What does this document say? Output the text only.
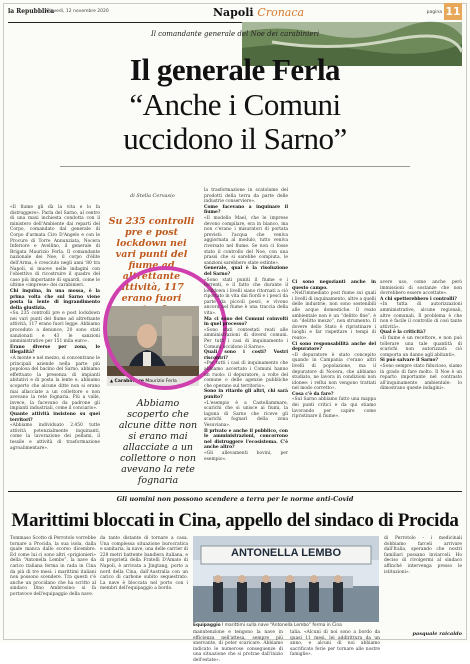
la Repubblica
Giovedì, 12 novembre 2020	Napoli Cronaca	pagina 11
Il comandante generale del Noe dei carabinieri
Il generale Ferla
“Anche i Comuni
uccidono il Sarno”
di Stella Cervasio
«Il fiume gli dà la vita e lo fa distruggere». Parla del Sarno, al centro di una maxi inchiesta condotta con il ministero dell'Ambiente dai reparti del Corpo, comandato dal generale di Corpo d'armata Ciro D'Angelo e con le Procure di Torre Annunziata, Nocera Inferiore e Avellino, il generale di Brigata Maurizio Ferla. Il comandante nazionale dei Noe, il corpo d'élite dell'Arma, è cresciuto negli anni '80 tra Napoli, si muove nelle indagini con l'obiettivo di ricostruire il quadro del caso più importante di sguardi, come le ultime «imprese» dei carabinieri.
Chi inquina, in una mossa, è la prima volta che sul Sarno viene posta la lente di ingrandimento della giustizia.
«Su 235 controlli pre e post lockdown nei vari punti del fiume ad altrettante attività, 117 erano fuori legge. Abbiamo proceduto a denunce, 20 sono stati sanzionati e 43 le sanzioni amministrative per 151 mila euro».
Erano diverse per zona, le illegalità?
«A monte e nel mezzo, si concentrano le principali aziende nella parte più popolosa del bacino del Sarno, abbiamo effettuato la presenza di impianti abitativi e di posta la lente e, abbiamo scoperto che alcune ditte non si erano mai allacciate a un collettore o non avevano la rete fognaria. Più a valle, invece, la facevano da padrone gli impianti industriali, come il conciario».
Quante attività insistono su quei territori?
«Abbiamo individuato 2.450 tutte attività potenzialmente inquinanti, come la lavorazione dei pellami, il tessile e attività di trasformazione agroalimentare».
Su 235 controlli pre e post lockdown nei vari punti del fiume ad altrettante attività, 117 erano fuori
▲ Carabiniere Maurizio Ferla
Abbiamo scoperto che alcune ditte non si erano mai allacciate a un collettore o non avevano la rete fognaria
la trasformazione in scatolame del prodotti della terra da parte delle industrie conserviere».
Come facevano a inquinare il fiume?
«Il modello Mael, che le imprese devono compilare, era in bianco, ma non c'erano i misuratori di portata previsti: l'acqua che veniva aggiornata al modulo, tutto veniva riversato nel fiume. Se non ci fosse stato il controllo del Noe, con una prassi che si sarebbe compiuta, le sanzioni sarebbero state estinte».
Generale, qual è la risoluzione del Sarno?
«Sono stati puniti il fiume e i torrenti, e il fatto che durante il lockdown i livelli siano ritornati a ciò riportato in vita dai fiordi e i pesci da parte da piccoli pesci, e vivono ancora nel fiume è una traccia della vita».
Ma ci sono dei Comuni coinvolti in quel processo?
«Sono stati contestati reati alle amministrazioni di diversi comuni. Per tutti i casi di inquinamento i Comuni uccidono il Sarno».
Quali sono i costi? Vostri riscontri?
«Per tutti i casi di inquinamento che abbiamo accertato i Comuni hanno un ruolo: il depuratore, a volte del comune o delle agenzie pubbliche che operano sul territorio».
Sono in ritardo gli altri, chi sarà punito?
«L'esempio è a Castellammare, scarichi che si unisce ai fiumi, la laguna di Sarno che riceve gli scarichi fognari della zona Vesuviana».
Il privato e anche il pubblico, con le amministrazioni, concorrono nel distruggere l'ecosistema. C'è anche altro?
«Gli allevamenti bovini, per esempio».
Ci sono negozianti anche in questo campo.
«Nell'immediato post fiume sui quali i livelli di inquinamento, altre a quelli delle industrie, non sono sostenibili alle acque domestiche. Il reato ambientale non è un “delitto fine”, è un “delitto mezzo”, non strumento. Il dovere dello Stato è ripristinare i luoghi e far rispettare i tempi di reato».
Ci sono responsabilità anche del depuratore?
«Il depuratore è stato concepito quando in Campania c'erano altri livelli di popolazione, ma il depuratore di Nocera, che abbiamo studiato, ne lavora in condizioni non idonee: i reflui non vengono trattati nel modo corretto».
Cosa c'è da fare?
«Sul Sarno abbiamo fatto una mappa dei punti critici e da qui stiamo lavorando per capire come ripristinare il fiume».
avere uso, come anche però immissioni di sostanze che non dovrebbero essere accettate».
A chi spetterebbero i controlli?
«In tutta di autorizzazioni amministrative, alcune regionali, altre comunali. Il problema è che non è facile il controllo di così tante attività».
Qual è la criticità?
«Il fiume è un recettore, e non può tollerare una tale quantità di scarichi non autorizzati: ciò comporta un danno agli abitanti».
Si può salvare il Sarno?
«Sono sempre stato fiducioso, siamo in grado di fare molto. Il Noe è un reparto importante nel contrasto all'inquinamento ambientale: lo dimostrano queste indagini».
Gli uomini non possono scendere a terra per le norme anti-Covid
Marittimi bloccati in Cina, appello del sindaco di Procida
Tommaso Scotto di Perrotolo vorrebbe tornare a Procida, la sua isola, dalla quale manca dallo scorso dicembre. Ed come lui ci sono altri «prigionieri» della “Antonella Lembo”, la nave da carico italiana ferma in rada in Cina da più di tre mesi: i marittimi italiani non possono scendere. Tra questi c'è anche un procidano che ha scritto al sindaco Dino Ambrosino: si fa portavoce dell'equipaggio della nave.
da tanto distante di tornare a casa. Una complessa situazione burocratica e sanitaria, la nave, una delle carrier di 228 metri battente bandiera italiana, e di proprietà della Fratelli D'Amato di Napoli, è arrivata a Jingtang, porto a nord della Cina, dall'Australia con un carico di carbone subito sequestrato. La nave è bloccata nel porto con i membri dell'equipaggio a bordo.
ANTONELLA LEMBO
Equipaggio I marittimi sulla nave “Antonella Lembo” ferma in Cina
manutenzione e tengono la nave in efficienza nell'attesa, sempre più snervante, di poter scaricare. Abbiamo indicato le numerose conseguenze di una situazione che si protrae dall'inizio dell'estate».
talia. «Alcuni di noi sono a bordo da quasi 11 mesi, lei addirittura da un anno, e alcuni di noi abbiamo sacrificato ferie per tornare alle nostre famiglie».
di Perrotolo - i medicinali dobbiamo farceli arrivare dall'Italia, sperando che nostri familiari possano inviarceli. Ho deciso di rivolgermi al sindaco affinché intervenga presso le istituzioni».
pasquale raicaldo
